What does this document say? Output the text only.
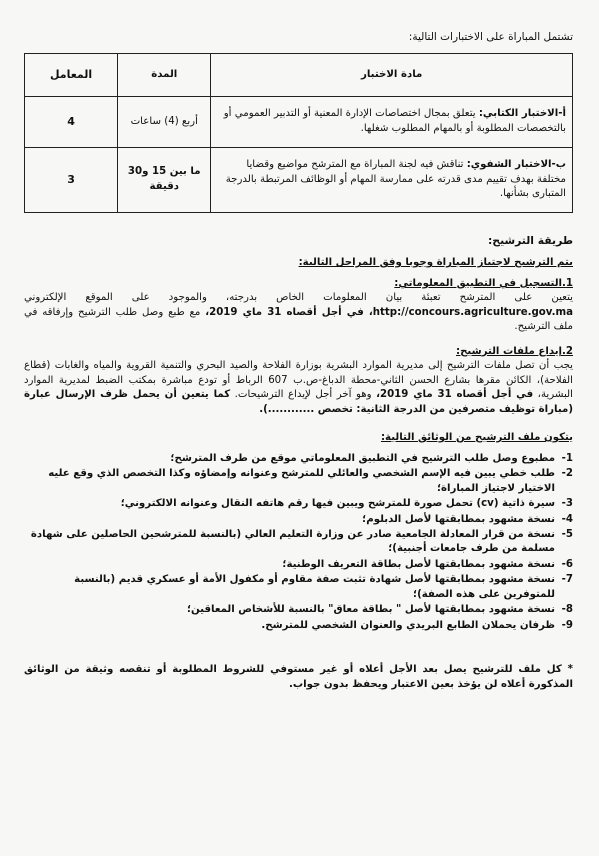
تشتمل المباراة على الاختبارات التالية:
مادة الاختبار	المدة	المعامل
أ-الاختبار الكتابي: يتعلق بمجال اختصاصات الإدارة المعنية أو التدبير العمومي أو بالتخصصات المطلوبة أو بالمهام المطلوب شغلها.	أربع (4) ساعات	4
ب-الاختبار الشفوي: تناقش فيه لجنة المباراة مع المترشح مواضيع وقضايا مختلفة بهدف تقييم مدى قدرته على ممارسة المهام أو الوظائف المرتبطة بالدرجة المتبارى بشأنها.	ما بين 15 و30 دقيقة	3
طريقة الترشيح:
يتم الترشيح لاجتياز المباراة وجوبا وفق المراحل التالية:
1.التسجيل في التطبيق المعلوماتي:
يتعين على المترشح تعبئة بيان المعلومات الخاص بدرجته، والموجود على الموقع الإلكتروني http://concours.agriculture.gov.ma، في أجل أقصاه 31 ماي 2019، مع طبع وصل طلب الترشيح وإرفاقه في ملف الترشيح.
2.إيداع ملفات الترشيح:
يجب أن تصل ملفات الترشيح إلى مديرية الموارد البشرية بوزارة الفلاحة والصيد البحري والتنمية القروية والمياه والغابات (قطاع الفلاحة)، الكائن مقرها بشارع الحسن الثاني-محطة الدباغ-ص.ب 607 الرباط أو تودع مباشرة بمكتب الضبط لمديرية الموارد البشرية، في أجل أقصاه 31 ماي 2019، وهو آخر أجل لإيداع الترشيحات. كما يتعين أن يحمل ظرف الإرسال عبارة (مباراة توظيف متصرفين من الدرجة الثانية: تخصص ............).
يتكون ملف الترشيح من الوثائق التالية:
1-
مطبوع وصل طلب الترشيح في التطبيق المعلوماتي موقع من طرف المترشح؛
2-
طلب خطي يبين فيه الإسم الشخصي والعائلي للمترشح وعنوانه وإمضاؤه وكذا التخصص الذي وقع عليه الاختيار لاجتياز المباراة؛
3-
سيرة ذاتية (cv) تحمل صورة للمترشح ويبين فيها رقم هاتفه النقال وعنوانه الالكتروني؛
4-
نسخة مشهود بمطابقتها لأصل الدبلوم؛
5-
نسخة من قرار المعادلة الجامعية صادر عن وزارة التعليم العالي (بالنسبة للمترشحين الحاصلين على شهادة مسلمة من طرف جامعات أجنبية)؛
6-
نسخة مشهود بمطابقتها لأصل بطاقة التعريف الوطنية؛
7-
نسخة مشهود بمطابقتها لأصل شهادة تثبت صفة مقاوم أو مكفول الأمة أو عسكري قديم (بالنسبة للمتوفرين على هذه الصفة)؛
8-
نسخة مشهود بمطابقتها لأصل " بطاقة معاق" بالنسبة للأشخاص المعاقين؛
9-
ظرفان يحملان الطابع البريدي والعنوان الشخصي للمترشح.
* كل ملف للترشيح يصل بعد الأجل أعلاه أو غير مستوفي للشروط المطلوبة أو تنقصه وثيقة من الوثائق المذكورة أعلاه لن يؤخذ بعين الاعتبار ويحفظ بدون جواب.
